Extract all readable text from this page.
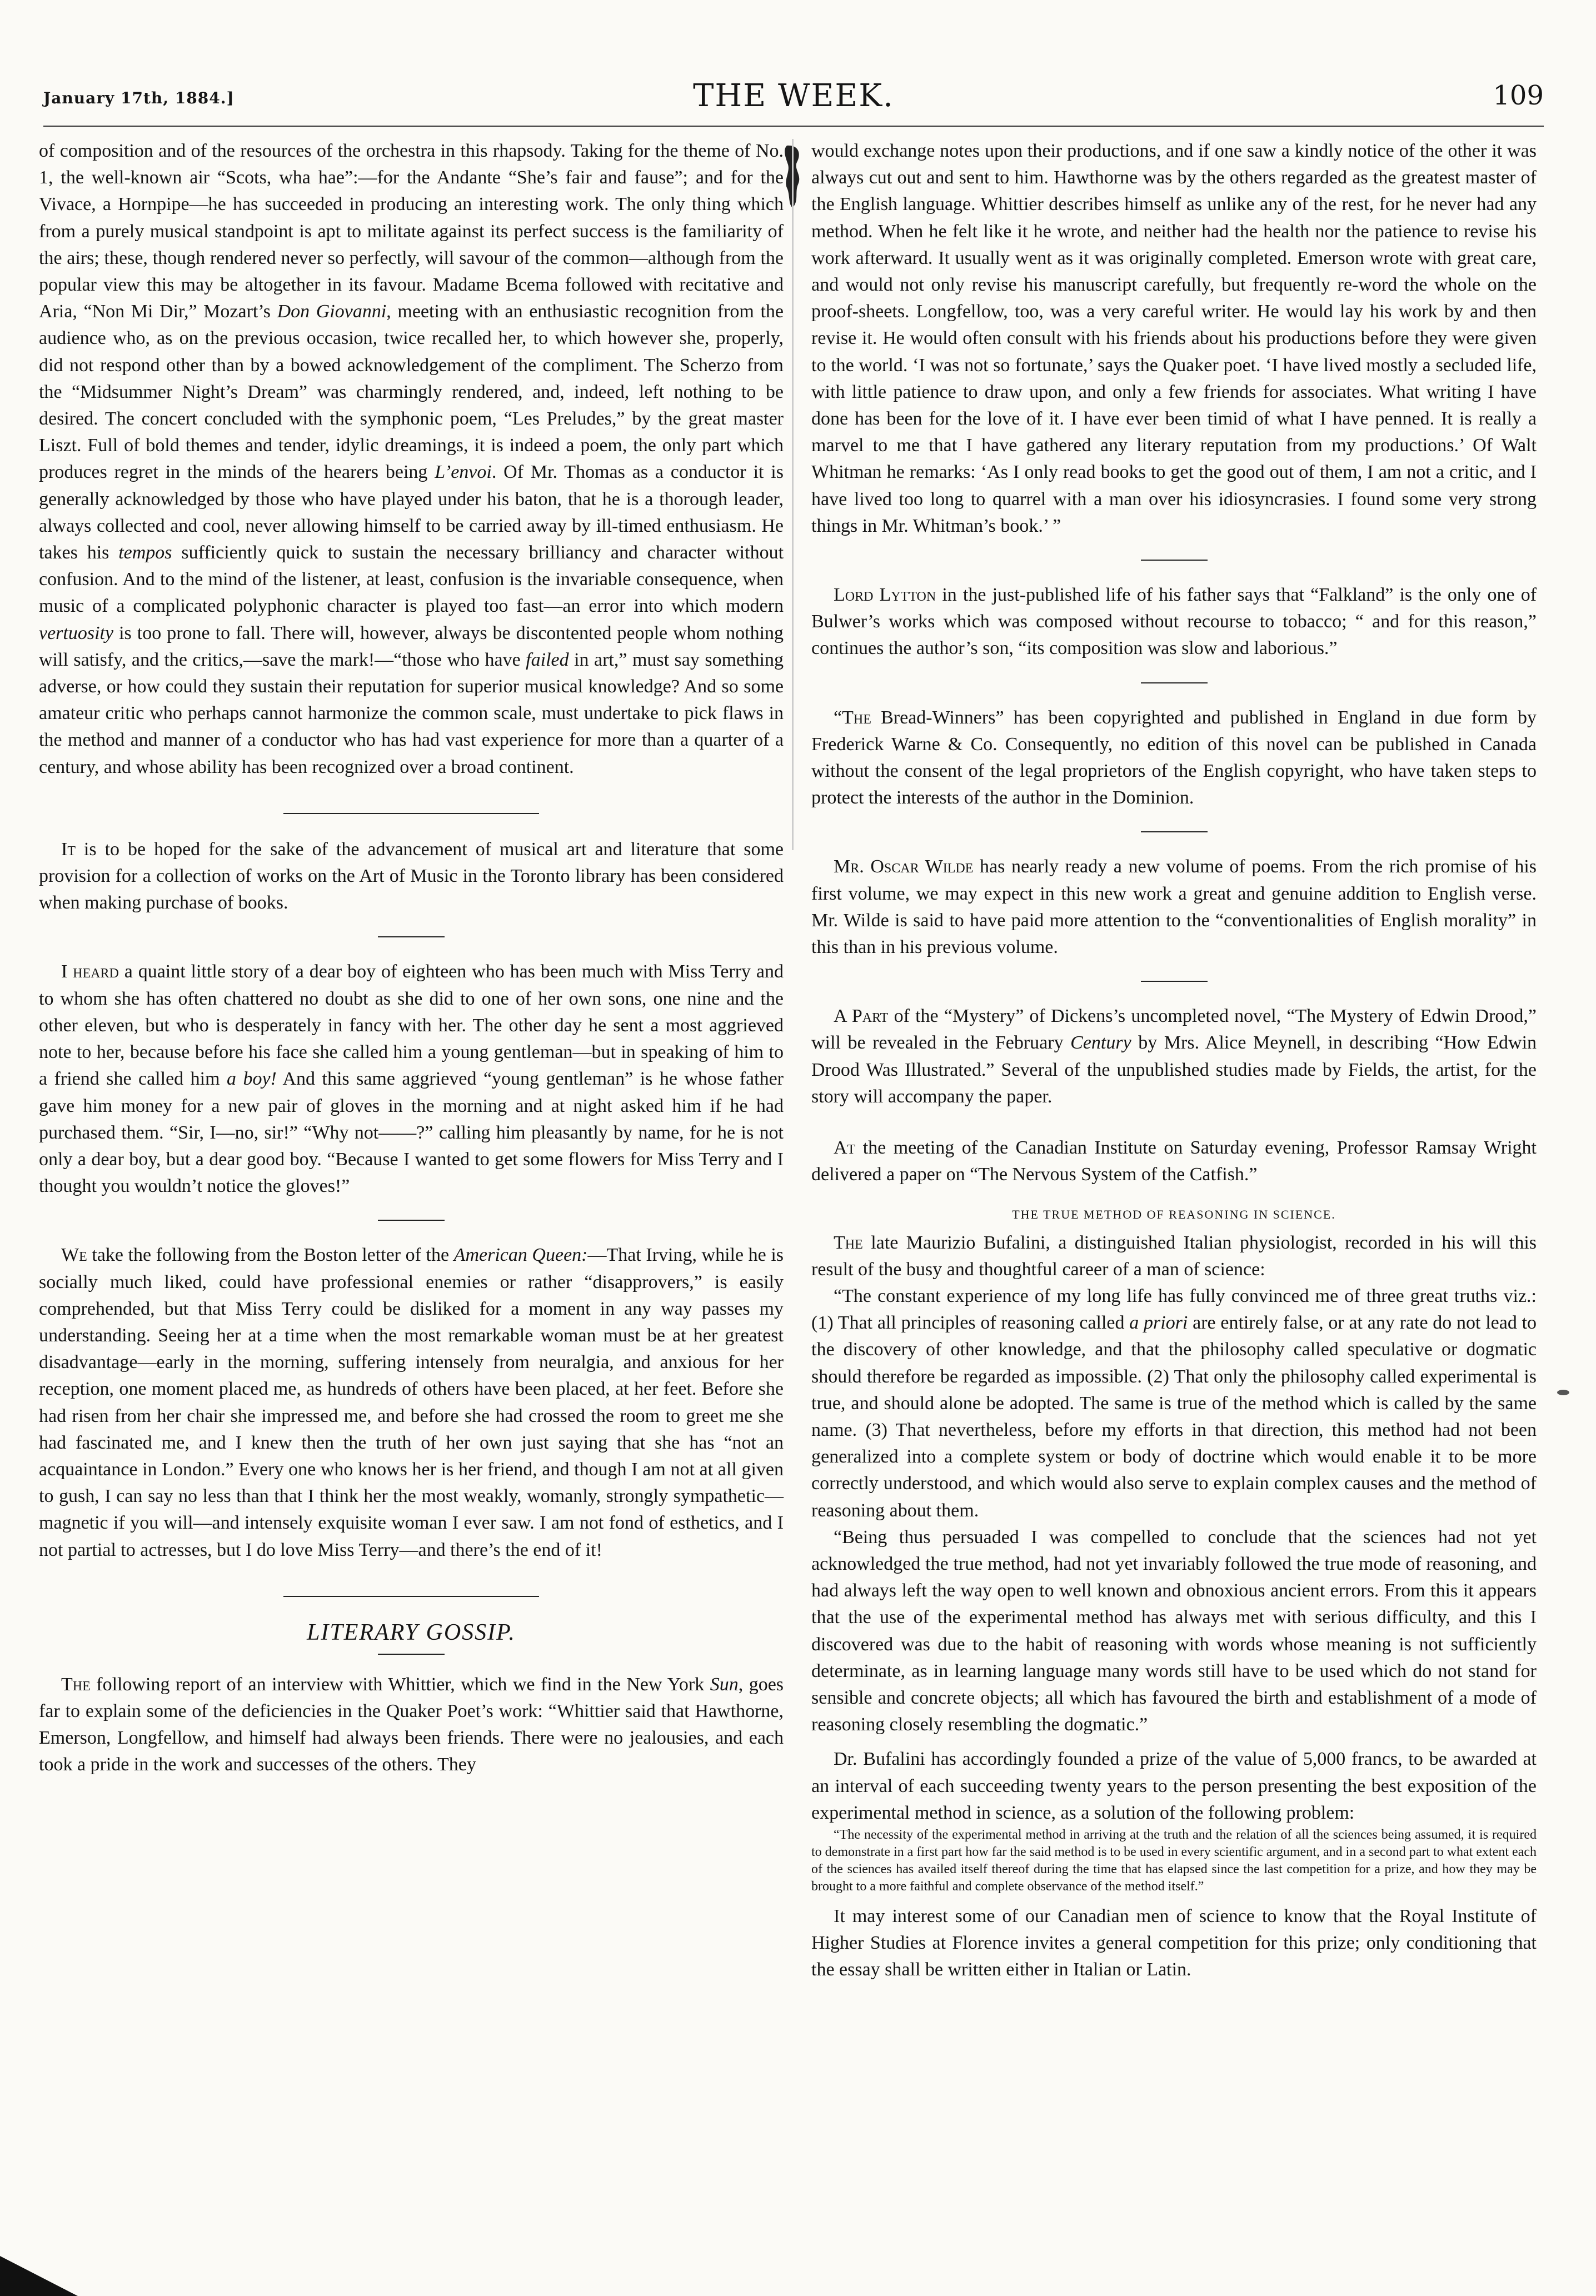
January 17th, 1884.]	THE WEEK.	109

of composition and of the resources of the orchestra in this rhapsody. Taking for the theme of No. 1, the well-known air “Scots, wha hae”:—for the Andante “She’s fair and fause”; and for the Vivace, a Hornpipe—he has succeeded in producing an interesting work. The only thing which from a purely musical standpoint is apt to militate against its perfect success is the familiarity of the airs; these, though rendered never so perfectly, will savour of the common—although from the popular view this may be altogether in its favour. Madame Bcema followed with recitative and Aria, “Non Mi Dir,” Mozart’s Don Giovanni, meeting with an enthusiastic recognition from the audience who, as on the previous occasion, twice recalled her, to which however she, properly, did not respond other than by a bowed acknowledgement of the compliment. The Scherzo from the “Midsummer Night’s Dream” was charmingly rendered, and, indeed, left nothing to be desired. The concert concluded with the symphonic poem, “Les Preludes,” by the great master Liszt. Full of bold themes and tender, idylic dreamings, it is indeed a poem, the only part which produces regret in the minds of the hearers being L’envoi. Of Mr. Thomas as a conductor it is generally acknowledged by those who have played under his baton, that he is a thorough leader, always collected and cool, never allowing himself to be carried away by ill-timed enthusiasm. He takes his tempos sufficiently quick to sustain the necessary brilliancy and character without confusion. And to the mind of the listener, at least, confusion is the invariable consequence, when music of a complicated polyphonic character is played too fast—an error into which modern vertuosity is too prone to fall. There will, however, always be discontented people whom nothing will satisfy, and the critics,—save the mark!—“those who have failed in art,” must say something adverse, or how could they sustain their reputation for superior musical knowledge? And so some amateur critic who perhaps cannot harmonize the common scale, must undertake to pick flaws in the method and manner of a conductor who has had vast experience for more than a quarter of a century, and whose ability has been recognized over a broad continent.

It is to be hoped for the sake of the advancement of musical art and literature that some provision for a collection of works on the Art of Music in the Toronto library has been considered when making purchase of books.

I heard a quaint little story of a dear boy of eighteen who has been much with Miss Terry and to whom she has often chattered no doubt as she did to one of her own sons, one nine and the other eleven, but who is desperately in fancy with her. The other day he sent a most aggrieved note to her, because before his face she called him a young gentleman—but in speaking of him to a friend she called him a boy! And this same aggrieved “young gentleman” is he whose father gave him money for a new pair of gloves in the morning and at night asked him if he had purchased them. “Sir, I—no, sir!” “Why not——?” calling him pleasantly by name, for he is not only a dear boy, but a dear good boy. “Because I wanted to get some flowers for Miss Terry and I thought you wouldn’t notice the gloves!”

We take the following from the Boston letter of the American Queen:—That Irving, while he is socially much liked, could have professional enemies or rather “disapprovers,” is easily comprehended, but that Miss Terry could be disliked for a moment in any way passes my understanding. Seeing her at a time when the most remarkable woman must be at her greatest disadvantage—early in the morning, suffering intensely from neuralgia, and anxious for her reception, one moment placed me, as hundreds of others have been placed, at her feet. Before she had risen from her chair she impressed me, and before she had crossed the room to greet me she had fascinated me, and I knew then the truth of her own just saying that she has “not an acquaintance in London.” Every one who knows her is her friend, and though I am not at all given to gush, I can say no less than that I think her the most weakly, womanly, strongly sympathetic—magnetic if you will—and intensely exquisite woman I ever saw. I am not fond of esthetics, and I not partial to actresses, but I do love Miss Terry—and there’s the end of it!

LITERARY GOSSIP.

The following report of an interview with Whittier, which we find in the New York Sun, goes far to explain some of the deficiencies in the Quaker Poet’s work: “Whittier said that Hawthorne, Emerson, Longfellow, and himself had always been friends. There were no jealousies, and each took a pride in the work and successes of the others. They

would exchange notes upon their productions, and if one saw a kindly notice of the other it was always cut out and sent to him. Hawthorne was by the others regarded as the greatest master of the English language. Whittier describes himself as unlike any of the rest, for he never had any method. When he felt like it he wrote, and neither had the health nor the patience to revise his work afterward. It usually went as it was originally completed. Emerson wrote with great care, and would not only revise his manuscript carefully, but frequently re-word the whole on the proof-sheets. Longfellow, too, was a very careful writer. He would lay his work by and then revise it. He would often consult with his friends about his productions before they were given to the world. ‘I was not so fortunate,’ says the Quaker poet. ‘I have lived mostly a secluded life, with little patience to draw upon, and only a few friends for associates. What writing I have done has been for the love of it. I have ever been timid of what I have penned. It is really a marvel to me that I have gathered any literary reputation from my productions.’ Of Walt Whitman he remarks: ‘As I only read books to get the good out of them, I am not a critic, and I have lived too long to quarrel with a man over his idiosyncrasies. I found some very strong things in Mr. Whitman’s book.’ ”

Lord Lytton in the just-published life of his father says that “Falkland” is the only one of Bulwer’s works which was composed without recourse to tobacco; “ and for this reason,” continues the author’s son, “its composition was slow and laborious.”

“The Bread-Winners” has been copyrighted and published in England in due form by Frederick Warne & Co. Consequently, no edition of this novel can be published in Canada without the consent of the legal proprietors of the English copyright, who have taken steps to protect the interests of the author in the Dominion.

Mr. Oscar Wilde has nearly ready a new volume of poems. From the rich promise of his first volume, we may expect in this new work a great and genuine addition to English verse. Mr. Wilde is said to have paid more attention to the “conventionalities of English morality” in this than in his previous volume.

A Part of the “Mystery” of Dickens’s uncompleted novel, “The Mystery of Edwin Drood,” will be revealed in the February Century by Mrs. Alice Meynell, in describing “How Edwin Drood Was Illustrated.” Several of the unpublished studies made by Fields, the artist, for the story will accompany the paper.

At the meeting of the Canadian Institute on Saturday evening, Professor Ramsay Wright delivered a paper on “The Nervous System of the Catfish.”

THE TRUE METHOD OF REASONING IN SCIENCE.

The late Maurizio Bufalini, a distinguished Italian physiologist, recorded in his will this result of the busy and thoughtful career of a man of science:

“The constant experience of my long life has fully convinced me of three great truths viz.: (1) That all principles of reasoning called a priori are entirely false, or at any rate do not lead to the discovery of other knowledge, and that the philosophy called speculative or dogmatic should therefore be regarded as impossible. (2) That only the philosophy called experimental is true, and should alone be adopted. The same is true of the method which is called by the same name. (3) That nevertheless, before my efforts in that direction, this method had not been generalized into a complete system or body of doctrine which would enable it to be more correctly understood, and which would also serve to explain complex causes and the method of reasoning about them.

“Being thus persuaded I was compelled to conclude that the sciences had not yet acknowledged the true method, had not yet invariably followed the true mode of reasoning, and had always left the way open to well known and obnoxious ancient errors. From this it appears that the use of the experimental method has always met with serious difficulty, and this I discovered was due to the habit of reasoning with words whose meaning is not sufficiently determinate, as in learning language many words still have to be used which do not stand for sensible and concrete objects; all which has favoured the birth and establishment of a mode of reasoning closely resembling the dogmatic.”

Dr. Bufalini has accordingly founded a prize of the value of 5,000 francs, to be awarded at an interval of each succeeding twenty years to the person presenting the best exposition of the experimental method in science, as a solution of the following problem:

“The necessity of the experimental method in arriving at the truth and the relation of all the sciences being assumed, it is required to demonstrate in a first part how far the said method is to be used in every scientific argument, and in a second part to what extent each of the sciences has availed itself thereof during the time that has elapsed since the last competition for a prize, and how they may be brought to a more faithful and complete observance of the method itself.”

It may interest some of our Canadian men of science to know that the Royal Institute of Higher Studies at Florence invites a general competition for this prize; only conditioning that the essay shall be written either in Italian or Latin.
